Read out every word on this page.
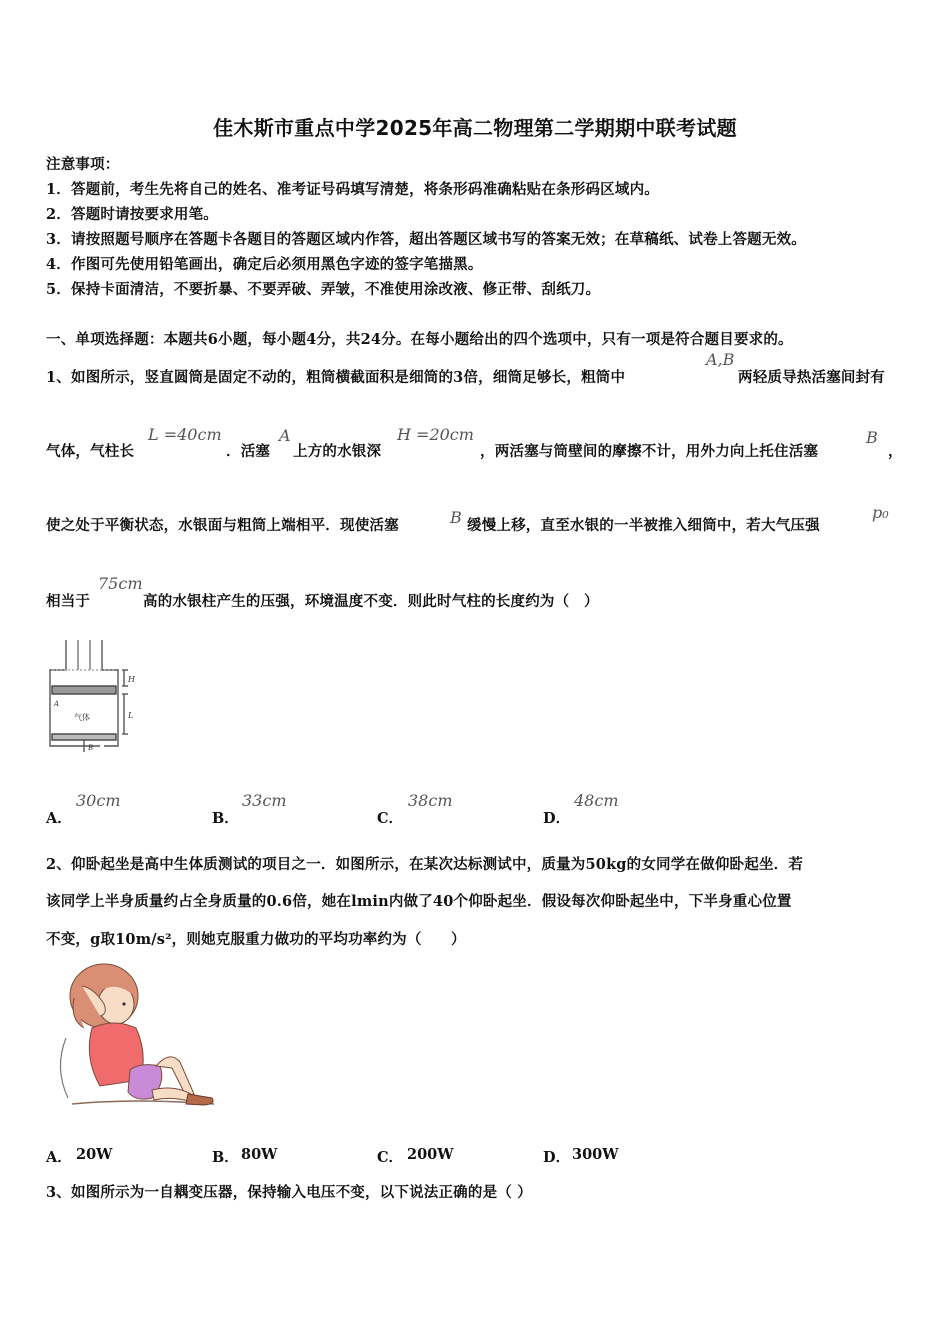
佳木斯市重点中学2025年高二物理第二学期期中联考试题
注意事项：
1．答题前，考生先将自己的姓名、准考证号码填写清楚，将条形码准确粘贴在条形码区域内。
2．答题时请按要求用笔。
3．请按照题号顺序在答题卡各题目的答题区域内作答，超出答题区域书写的答案无效；在草稿纸、试卷上答题无效。
4．作图可先使用铅笔画出，确定后必须用黑色字迹的签字笔描黑。
5．保持卡面清洁，不要折暴、不要弄破、弄皱，不准使用涂改液、修正带、刮纸刀。
一、单项选择题：本题共6小题，每小题4分，共24分。在每小题给出的四个选项中，只有一项是符合题目要求的。
1、如图所示，竖直圆筒是固定不动的，粗筒横截面积是细筒的3倍，细筒足够长，粗筒中
A,B
两轻质导热活塞间封有
气体，气柱长
L =40cm
．活塞
A
上方的水银深
H =20cm
，两活塞与筒壁间的摩擦不计，用外力向上托住活塞
B
，
使之处于平衡状态，水银面与粗筒上端相平．现使活塞	B 缓慢上移，直至水银的一半被推入细筒中，若大气压强
p₀
相当于
75cm
高的水银柱产生的压强，环境温度不变．则此时气柱的长度约为（　）
H
L
A
气体
B
A．
30cm
B．
33cm
C．
38cm
D．
48cm
2、仰卧起坐是高中生体质测试的项目之一．如图所示，在某次达标测试中，质量为50kg的女同学在做仰卧起坐．若
该同学上半身质量约占全身质量的0.6倍，她在lmin内做了40个仰卧起坐．假设每次仰卧起坐中，下半身重心位置
不变，g取10m/s²，则她克服重力做功的平均功率约为（　　）
A． 20W	B． 80W	C． 200W	D． 300W
3、如图所示为一自耦变压器，保持输入电压不变，以下说法正确的是（ ）
